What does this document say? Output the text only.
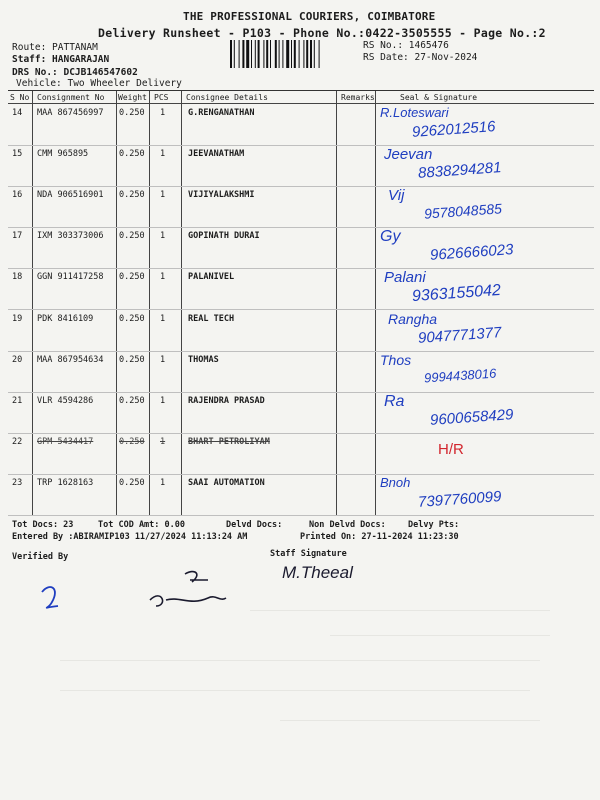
THE PROFESSIONAL COURIERS, COIMBATORE
Delivery Runsheet - P103 - Phone No.:0422-3505555 - Page No.:2
Route: PATTANAM
Staff: HANGARAJAN
DRS No.: DCJB146547602
Vehicle: Two Wheeler Delivery
RS No.: 1465476
RS Date: 27-Nov-2024
S No Consignment No Weight PCS Consignee Details	Remarks	Seal & Signature
14 MAA 867456997 0.250 1	G.RENGANATHAN	R.Loteswari
9262012516
15 CMM 965895	0.250 1	JEEVANATHAM	Jeevan
8838294281
16 NDA 906516901 0.250 1	VIJIYALAKSHMI	Vij
9578048585
17 IXM 303373006 0.250 1	GOPINATH DURAI	Gy
9626666023
18 GGN 911417258 0.250 1	PALANIVEL	Palani
9363155042
19 PDK 8416109	0.250 1	REAL TECH	Rangha
9047771377
20 MAA 867954634 0.250 1	THOMAS	Thos
9994438016
21 VLR 4594286	0.250 1	RAJENDRA PRASAD	Ra
9600658429
22 GPM 5434417	0.250 1	BHART PETROLIYAM	H/R
23 TRP 1628163	0.250 1	SAAI AUTOMATION	Bnoh
7397760099
Tot Docs: 23	Tot COD Amt: 0.00	Delvd Docs:	Non Delvd Docs:	Delvy Pts:
Entered By :ABIRAMIP103 11/27/2024 11:13:24 AM	Printed On: 27-11-2024 11:23:30
Verified By	Staff Signature
M.Theeal
